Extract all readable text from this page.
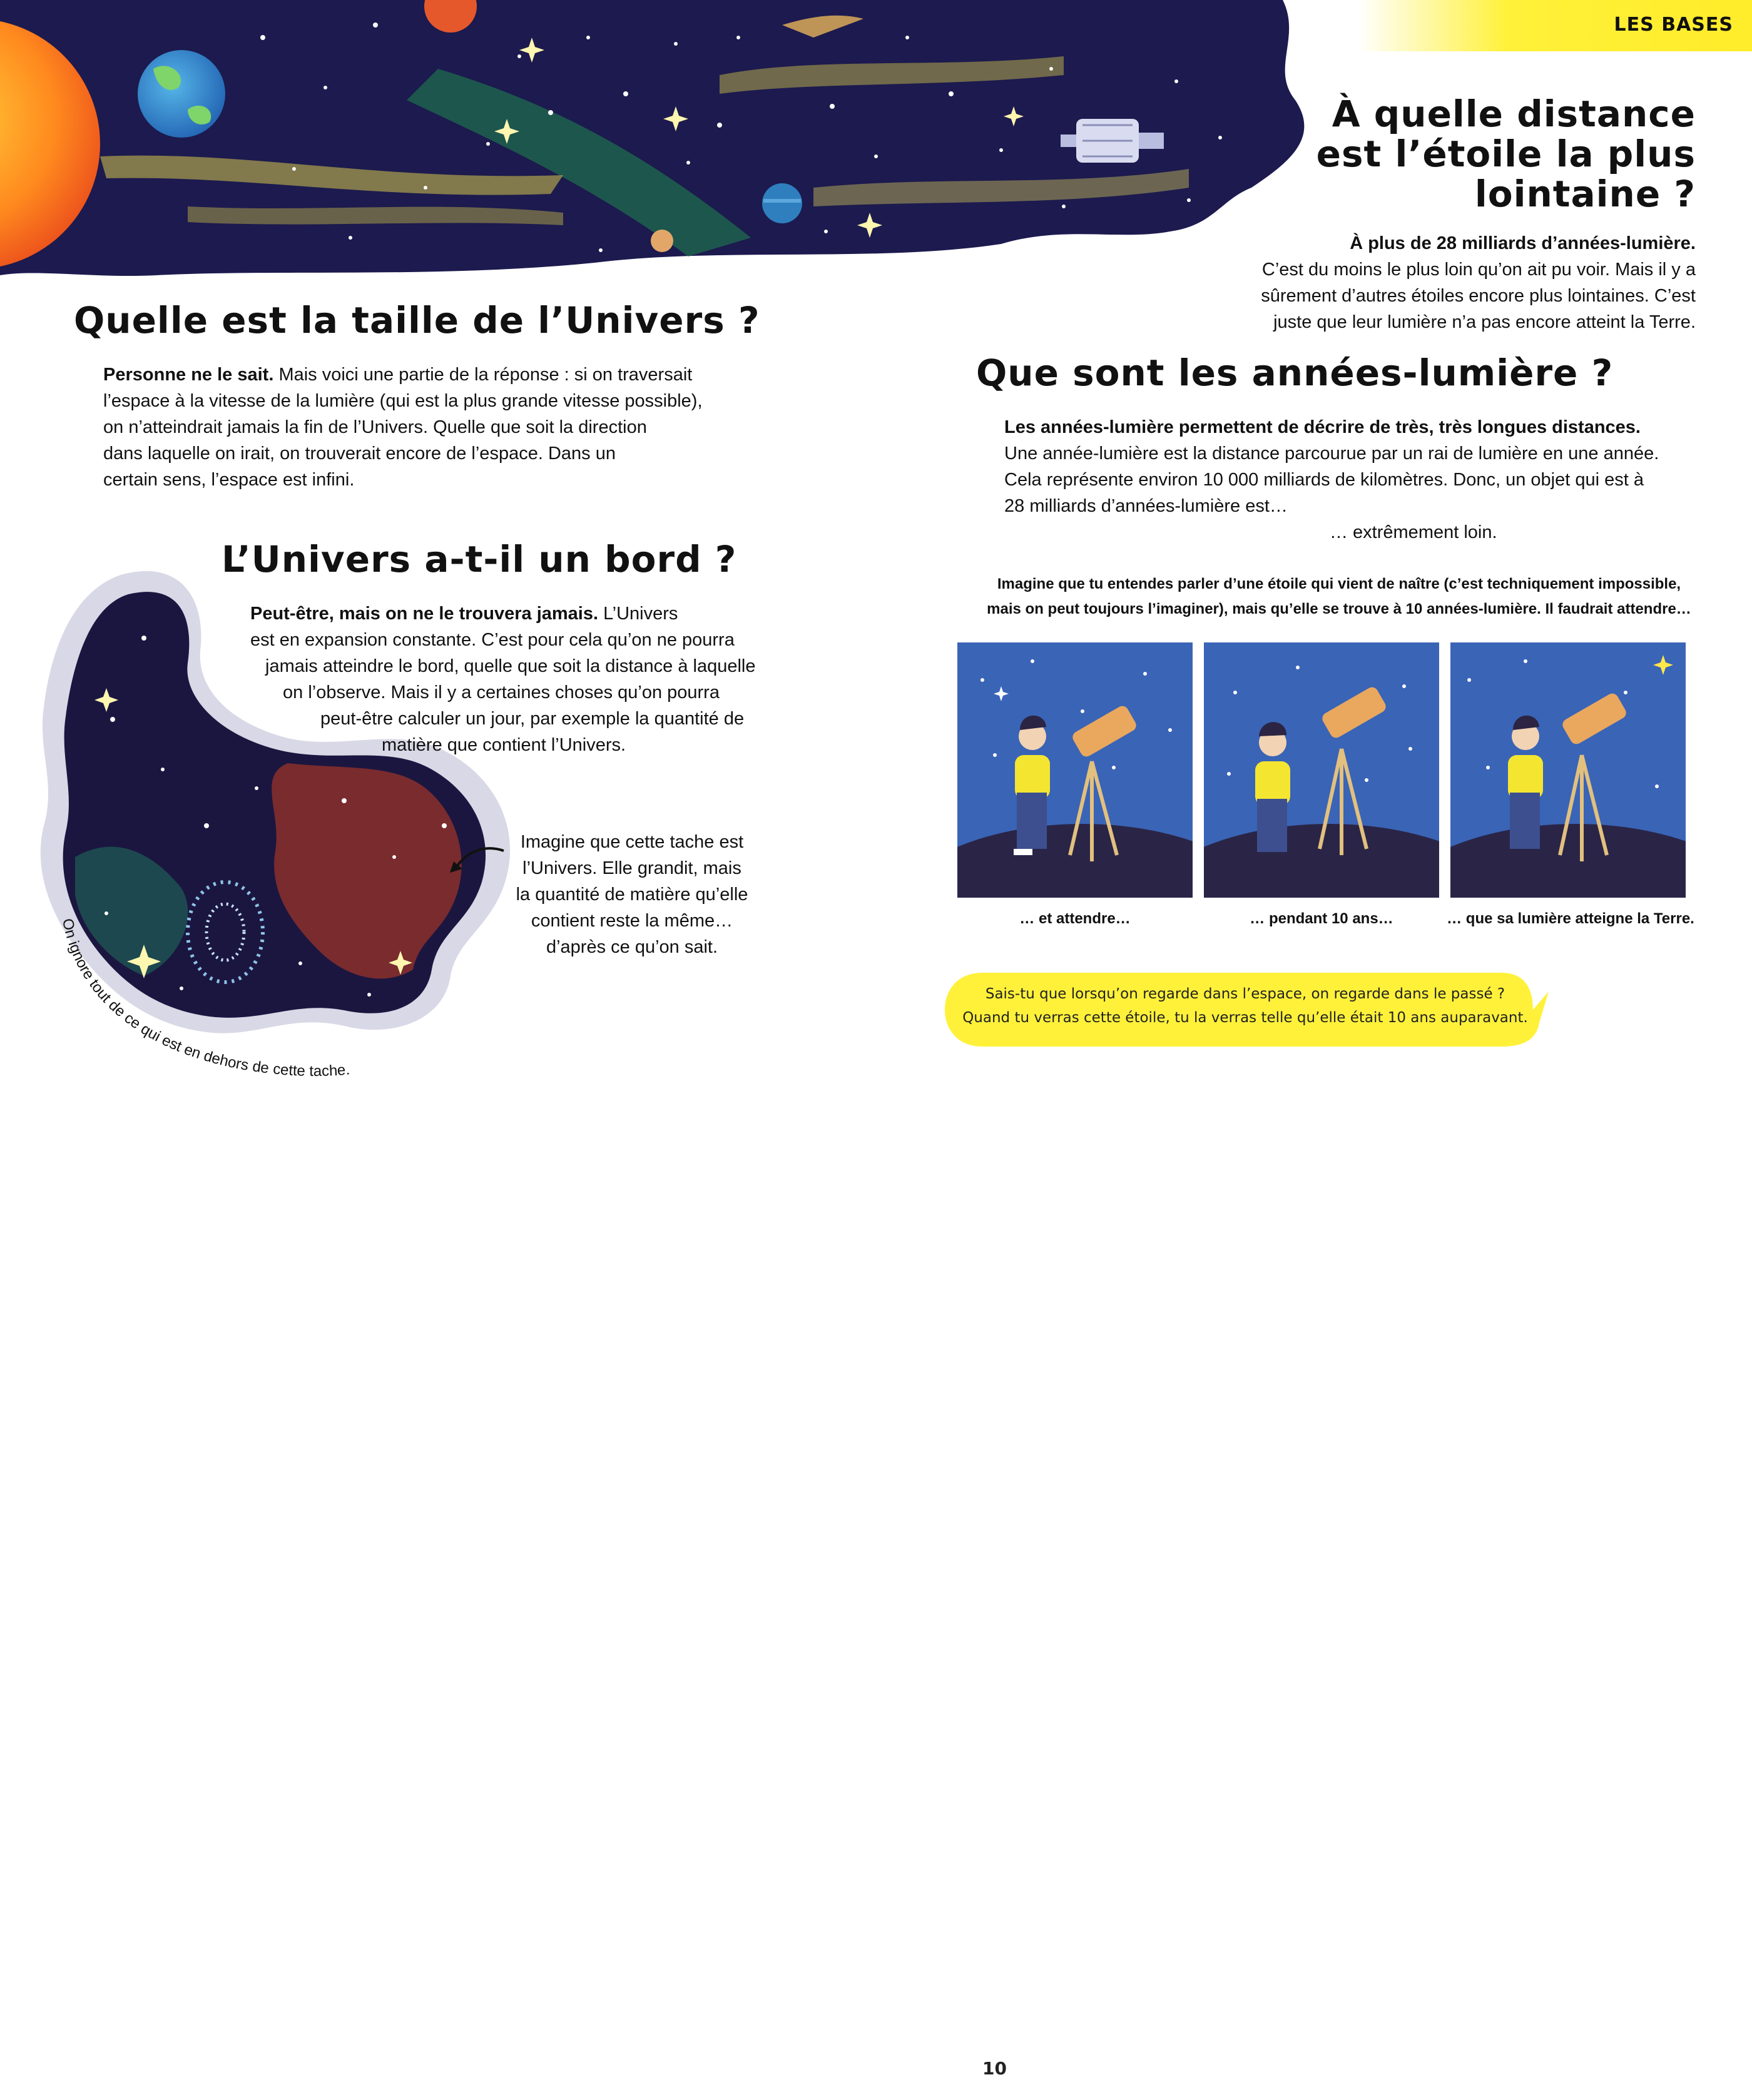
LES BASES
À quelle distance
est l’étoile la plus
lointaine ?
À plus de 28 milliards d’années-lumière.
C’est du moins le plus loin qu’on ait pu voir. Mais il y a
sûrement d’autres étoiles encore plus lointaines. C’est
juste que leur lumière n’a pas encore atteint la Terre.
Quelle est la taille de l’Univers ?
Personne ne le sait. Mais voici une partie de la réponse : si on traversait
l’espace à la vitesse de la lumière (qui est la plus grande vitesse possible),
on n’atteindrait jamais la fin de l’Univers. Quelle que soit la direction
dans laquelle on irait, on trouverait encore de l’espace. Dans un
certain sens, l’espace est infini.
Que sont les années-lumière ?
Les années-lumière permettent de décrire de très, très longues distances.
Une année-lumière est la distance parcourue par un rai de lumière en une année.
Cela représente environ 10 000 milliards de kilomètres. Donc, un objet qui est à
28 milliards d’années-lumière est…
… extrêmement loin.
L’Univers a-t-il un bord ?
Peut-être, mais on ne le trouvera jamais. L’Univers
est en expansion constante. C’est pour cela qu’on ne pourra
jamais atteindre le bord, quelle que soit la distance à laquelle
on l’observe. Mais il y a certaines choses qu’on pourra
peut-être calculer un jour, par exemple la quantité de
matière que contient l’Univers.
Imagine que cette tache est
l’Univers. Elle grandit, mais
la quantité de matière qu’elle
contient reste la même…
d’après ce qu’on sait.
On ignore tout de ce qui est en dehors de cette tache.
Imagine que tu entendes parler d’une étoile qui vient de naître (c’est techniquement impossible,
mais on peut toujours l’imaginer), mais qu’elle se trouve à 10 années-lumière. Il faudrait attendre…
… et attendre…	… pendant 10 ans…	… que sa lumière atteigne la Terre.
Sais-tu que lorsqu’on regarde dans l’espace, on regarde dans le passé ?
Quand tu verras cette étoile, tu la verras telle qu’elle était 10 ans auparavant.
10
